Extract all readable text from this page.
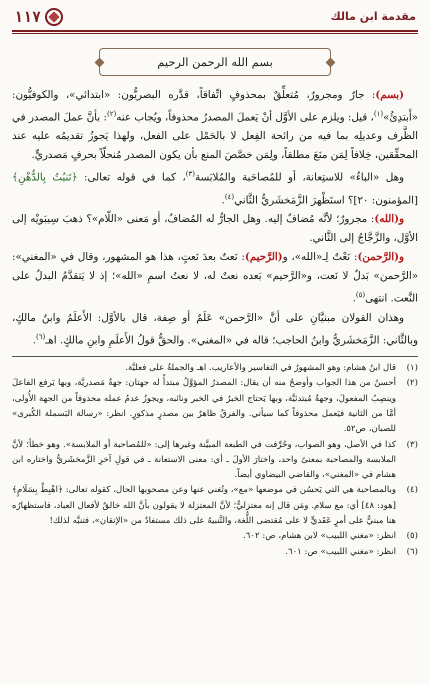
مقدمة ابن مالك
١١٧
بسم الله الرحمن الرحيم

(بسم): جارٌ ومجرورٌ، مُتعلِّقٌ بمحذوفٍ اتِّفاقاً، قدَّره البصريُّون: «ابتدائي»، والكوفيُّون: «أَبتدِئُ»$^{(١)}$، قيل: ويلزم على الأوَّل أنْ يَعملَ المصدرُ محذوفاً، ويُجاب عنه$^{(٢)}$: بأنَّ عملَ المصدر في الظَّرف وعديلِه بما فيه من رائحة الفِعل لا بالحَمْل على الفعل، ولهذا يَجوزُ تقديمُه عليه عند المحقِّقين، خِلافاً لِمَن منَعَ مطلقاً، ولِمَن خصَّصَ المنع بأن يكون المصدر مُنحلّاً بحرفٍ مَصدريٍّ.

وهل «الباءُ» للاستِعانة، أو للمُصاحَبة والمُلابَسة$^{(٣)}$، كما في قوله تعالى: ﴿تَنبُتُ بِالدُّهْنِ﴾ [المؤمنون: ٢٠]؟ استَظْهرَ الزَّمَخشَريُّ الثَّاني$^{(٤)}$.

و(الله): مجرورٌ؛ لأنَّه مُضافٌ إليه. وهل الجارُّ له المُضافُ، أو مَعنى «اللّام»؟ ذهبَ سِيبَويْه إلى الأوَّل، والزَّجَّاجُ إلى الثَّاني.

و(الرَّحمن): نَعْتٌ لِـ«الله»، و(الرَّحيم): نَعتٌ بعدَ نَعتٍ، هذا هو المشهور، وقال في «المغني»: «الرَّحمن» بَدلٌ لا نَعت، و«الرَّحيم» بَعده نعتٌ له، لا نعتُ اسمِ «الله»؛ إذ لا يَتقدَّمُ البدلُ على النَّعت. انتهى$^{(٥)}$.

وهذان القولان مبنيَّانِ على أنَّ «الرَّحمن» عَلَمٌ أو صِفة، قال بالأوَّل: الأَعلَمُ وابنُ مالكٍ، وبالثَّاني: الزَّمَخشَريُّ وابنُ الحاجب؛ قاله في «المغني». والحقُّ قولُ الأَعلَمِ وابنِ مالكٍ. اهـ$^{(٦)}$.

(١)
قال ابنُ هشام: وهو المشهورُ في التفاسير والأعاريب. اهـ والجملةُ على فعليَّة.
(٢)
أحسنُ من هذا الجواب وأوضحُ منه أن يقال: المصدرُ المؤوَّلُ مبتدأً له جهتان: جهةٌ مَصدريَّة، وبها يَرفع الفاعلَ وينصِبُ المفعولَ، وجهةٌ مُبتدئيَّة، وبها يَحتاج الخبرُ في الخبر ونائبه، ويجوزُ عدمُ عمله محذوفاً من الجهة الأُولى، أمَّا من الثانية فيَعمل محذوفاً كما سيأتي. والفرقُ ظاهرٌ بين مصدرٍ مذكورٍ. انظر: «رسالة البَسملة الكُبرى» للصبان، ص٥٢.
(٣)
كذا في الأصل، وهو الصواب، وحُرِّفت في الطبعة المبيَّنة وغيرها إلى: «للمُصاحبة أو الملابسة». وهو خطأ؛ لأنَّ الملابسة والمصاحبة بمعنىً واحد، واختارَ الأولَ ـ أي: معنى الاستعانة ـ في قولِ آخرِ الزَّمخشَريُّ واختاره ابن هشام في «المغني»، والقاضي البيضاوي أيضاً.
(٤)
وبالمصاحبة هي التي يَحسُن في موضعها «مع»، وتُغني عنها وعن مصحوبها الحال، كقوله تعالى: ﴿اهْبِطْ بِسَلَامٍ﴾ [هود: ٤٨] أي: مع سلام. ومَن قال إنه معتزليٌّ؛ لأنَّ المعتزلة لا يقولون بأنَّ الله خالقٌ لأفعال العباد، فاستظهارُه هنا مبنيٌّ على أمرٍ عَقَديٍّ لا على مُقتضى اللُّغة، والتَّنبيهُ على ذلك مستفادٌ من «الإتقان»، فتنبَّه لذلك!
(٥)
انظر: «مغني اللبيب» لابن هشام، ص: ٦٠٢.
(٦)
انظر: «مغني اللبيب» ص: ٦٠١.
